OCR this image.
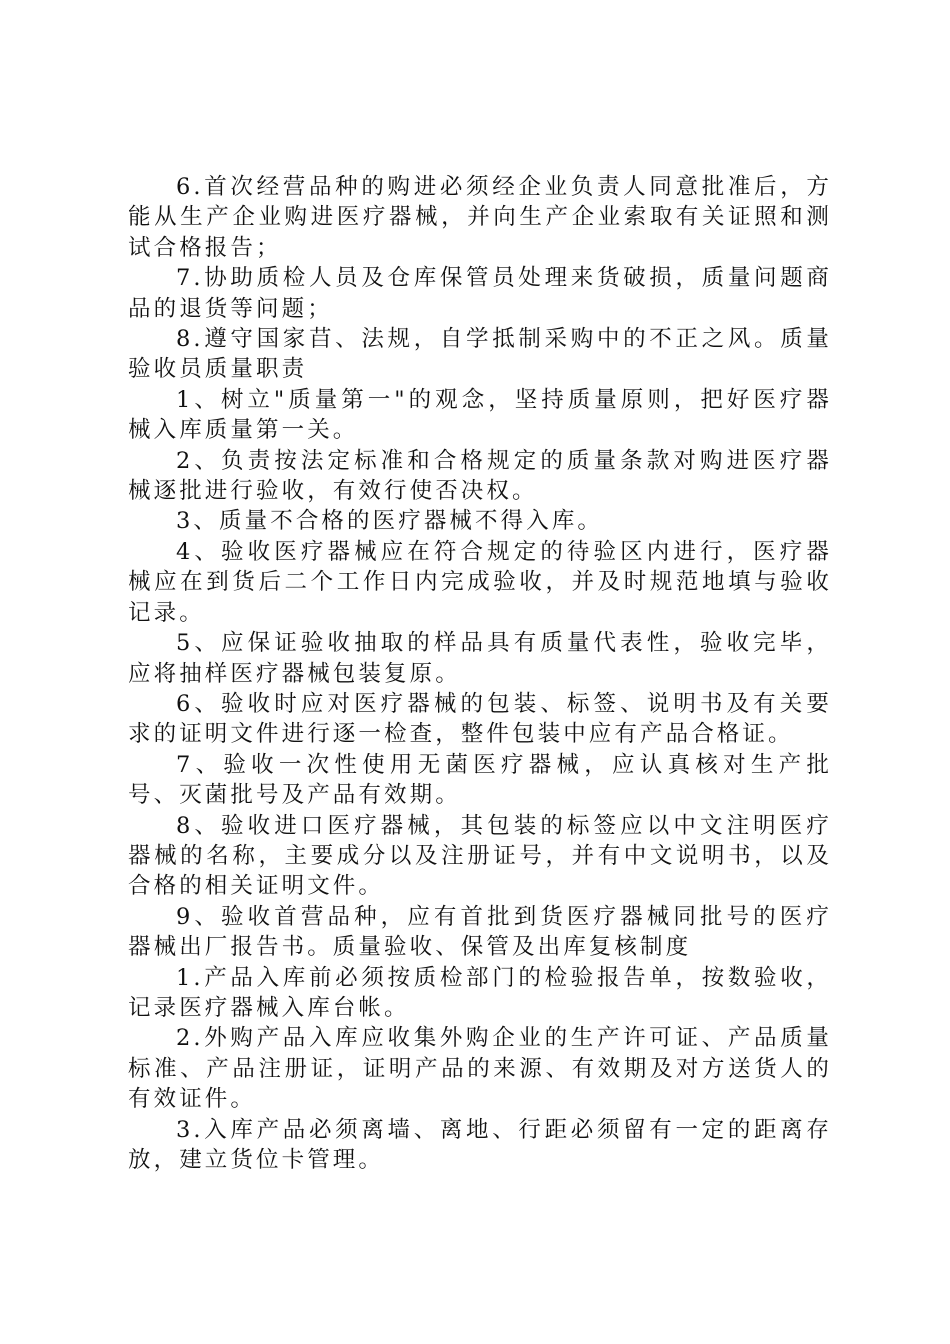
6.首次经营品种的购进必须经企业负责人同意批准后，方能从生产企业购进医疗器械，并向生产企业索取有关证照和测试合格报告；

7.协助质检人员及仓库保管员处理来货破损，质量问题商品的退货等问题；

8.遵守国家䒤、法规，自学抵制采购中的不正之风。质量验收员质量职责

1、树立"质量第一"的观念，坚持质量原则，把好医疗器械入库质量第一关。

2、负责按法定标准和合格规定的质量条款对购进医疗器械逐批进行验收，有效行使否决权。

3、质量不合格的医疗器械不得入库。

4、验收医疗器械应在符合规定的待验区内进行，医疗器械应在到货后二个工作日内完成验收，并及时规范地填与验收记录。

5、应保证验收抽取的样品具有质量代表性，验收完毕，应将抽样医疗器械包装复原。

6、验收时应对医疗器械的包装、标签、说明书及有关要求的证明文件进行逐一检查，整件包装中应有产品合格证。

7、验收一次性使用无菌医疗器械，应认真核对生产批号、灭菌批号及产品有效期。

8、验收进口医疗器械，其包装的标签应以中文注明医疗器械的名称，主要成分以及注册证号，并有中文说明书，以及合格的相关证明文件。

9、验收首营品种，应有首批到货医疗器械同批号的医疗器械出厂报告书。质量验收、保管及出库复核制度

1.产品入库前必须按质检部门的检验报告单，按数验收，记录医疗器械入库台帐。

2.外购产品入库应收集外购企业的生产许可证、产品质量标准、产品注册证，证明产品的来源、有效期及对方送货人的有效证件。

3.入库产品必须离墙、离地、行距必须留有一定的距离存放，建立货位卡管理。
